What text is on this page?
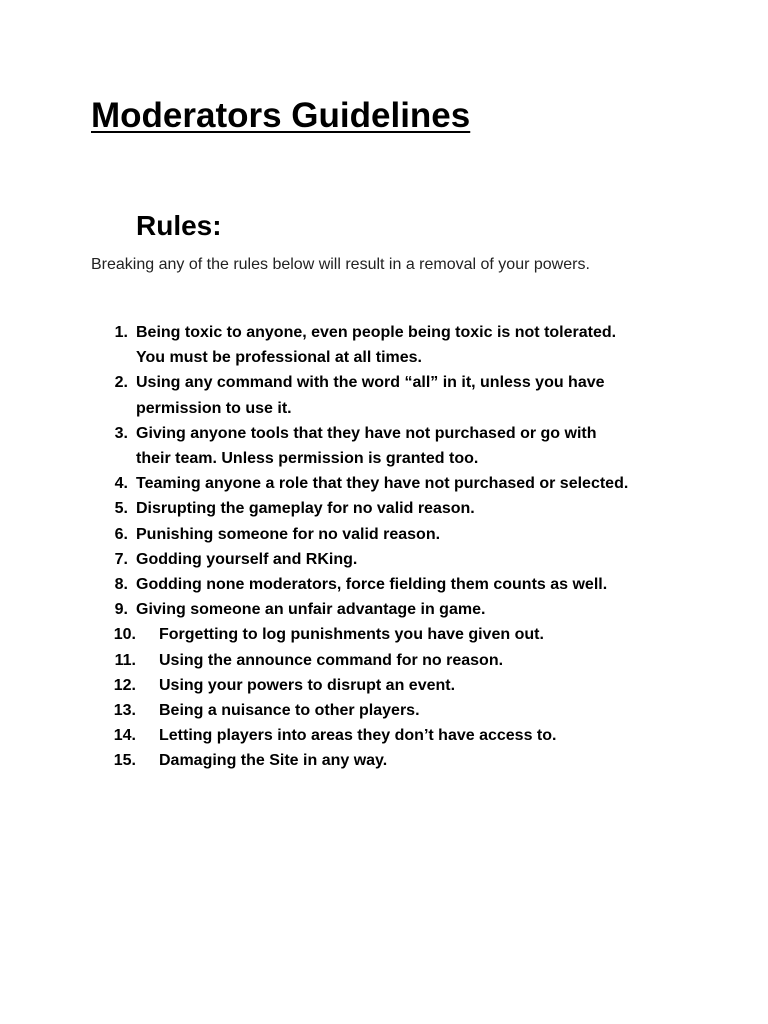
Moderators Guidelines
Rules:

Breaking any of the rules below will result in a removal of your powers.

1. Being toxic to anyone, even people being toxic is not tolerated.
You must be professional at all times.
2. Using any command with the word “all” in it, unless you have
permission to use it.
3. Giving anyone tools that they have not purchased or go with
their team. Unless permission is granted too.
4. Teaming anyone a role that they have not purchased or selected.
5. Disrupting the gameplay for no valid reason.
6. Punishing someone for no valid reason.
7. Godding yourself and RKing.
8. Godding none moderators, force fielding them counts as well.
9. Giving someone an unfair advantage in game.
10. Forgetting to log punishments you have given out.
11. Using the announce command for no reason.
12. Using your powers to disrupt an event.
13. Being a nuisance to other players.
14. Letting players into areas they don’t have access to.
15. Damaging the Site in any way.
